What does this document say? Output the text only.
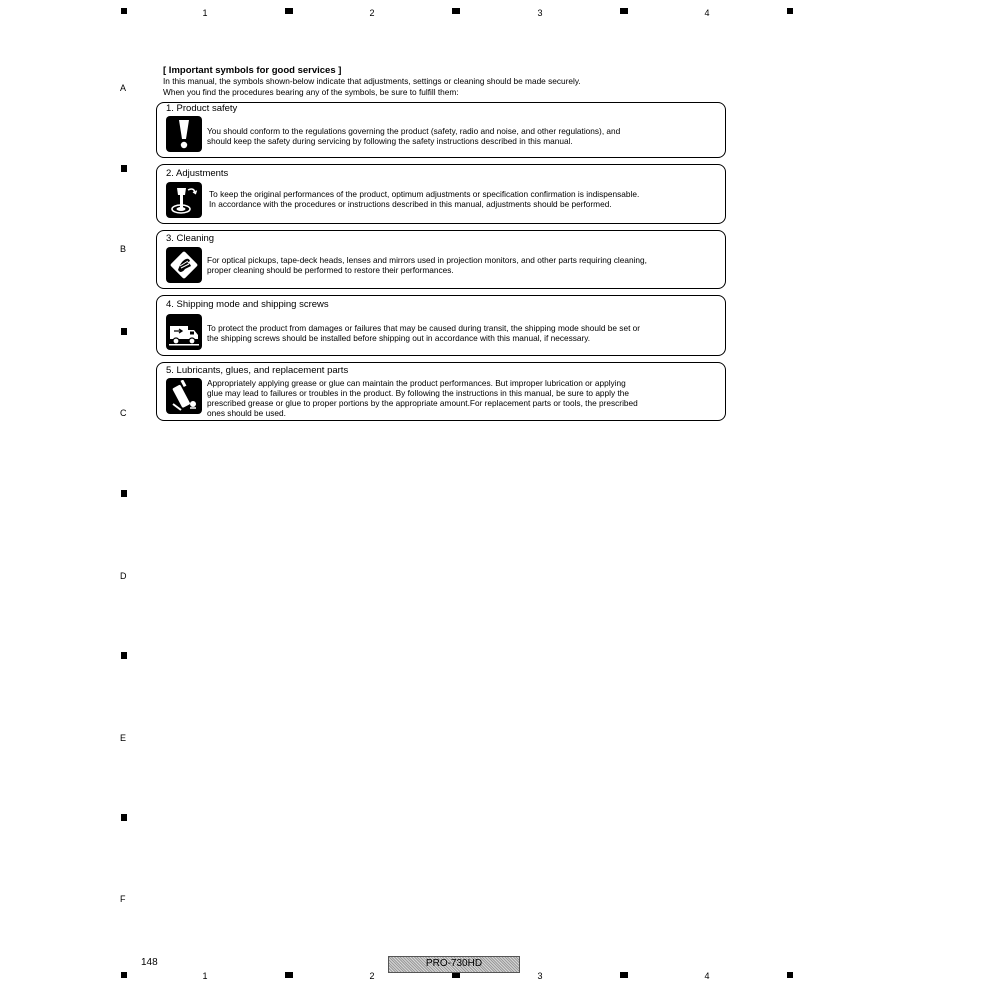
1	2	3	4
1	2	3	4
A
B
C
D
E
F
[ Important symbols for good services ]
In this manual, the symbols shown-below indicate that adjustments, settings or cleaning should be made securely.
When you find the procedures bearing any of the symbols, be sure to fulfill them:
1. Product safety
You should conform to the regulations governing the product (safety, radio and noise, and other regulations), and
should keep the safety during servicing by following the safety instructions described in this manual.
2. Adjustments
To keep the original performances of the product, optimum adjustments or specification confirmation is indispensable.
In accordance with the procedures or instructions described in this manual, adjustments should be performed.
3. Cleaning
For optical pickups, tape-deck heads, lenses and mirrors used in projection monitors, and other parts requiring cleaning,
proper cleaning should be performed to restore their performances.
4. Shipping mode and shipping screws
To protect the product from damages or failures that may be caused during transit, the shipping mode should be set or
the shipping screws should be installed before shipping out in accordance with this manual, if necessary.
5. Lubricants, glues, and replacement parts
Appropriately applying grease or glue can maintain the product performances. But improper lubrication or applying
glue may lead to failures or troubles in the product. By following the instructions in this manual, be sure to apply the
prescribed grease or glue to proper portions by the appropriate amount.For replacement parts or tools, the prescribed
ones should be used.
148	PRO-730HD
